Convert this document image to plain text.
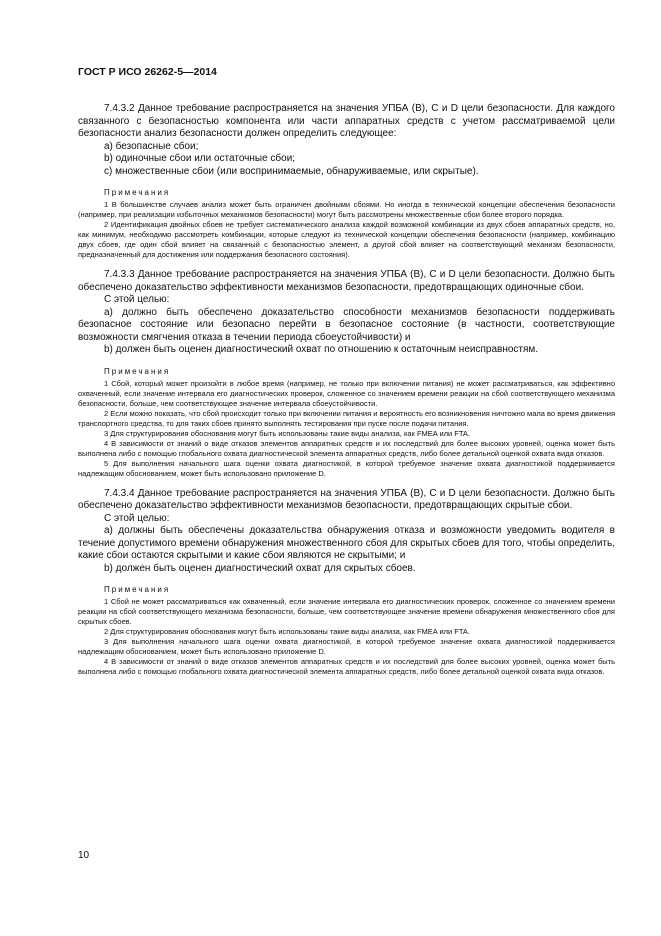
ГОСТ Р ИСО 26262-5—2014

7.4.3.2 Данное требование распространяется на значения УПБА (В), С и D цели безопасности. Для каждого связанного с безопасностью компонента или части аппаратных средств с учетом рассматриваемой цели безопасности анализ безопасности должен определить следующее:

a) безопасные сбои;

b) одиночные сбои или остаточные сбои;

c) множественные сбои (или воспринимаемые, обнаруживаемые, или скрытые).

Примечания

1 В большинстве случаев анализ может быть ограничен двойными сбоями. Но иногда в технической концепции обеспечения безопасности (например, при реализации избыточных механизмов безопасности) могут быть рассмотрены множественные сбои более второго порядка.

2 Идентификация двойных сбоев не требует систематического анализа каждой возможной комбинации из двух сбоев аппаратных средств, но, как минимум, необходимо рассмотреть комбинации, которые следуют из технической концепции обеспечения безопасности (например, комбинацию двух сбоев, где один сбой влияет на связанный с безопасностью элемент, а другой сбой влияет на соответствующий механизм безопасности, предназначенный для достижения или поддержания безопасного состояния).

7.4.3.3 Данное требование распространяется на значения УПБА (В), С и D цели безопасности. Должно быть обеспечено доказательство эффективности механизмов безопасности, предотвращающих одиночные сбои.

С этой целью:

a) должно быть обеспечено доказательство способности механизмов безопасности поддерживать безопасное состояние или безопасно перейти в безопасное состояние (в частности, соответствующие возможности смягчения отказа в течении периода сбоеустойчивости) и

b) должен быть оценен диагностический охват по отношению к остаточным неисправностям.

Примечания

1 Сбой, который может произойти в любое время (например, не только при включении питания) не может рассматриваться, как эффективно охваченный, если значение интервала его диагностических проверок, сложенное со значением времени реакции на сбой соответствующего механизма безопасности, больше, чем соответствующее значение интервала сбоеустойчивости.

2 Если можно показать, что сбой происходит только при включении питания и вероятность его возникновения ничтожно мала во время движения транспортного средства, то для таких сбоев принято выполнять тестирования при пуске после подачи питания.

3 Для структурирования обоснования могут быть использованы такие виды анализа, как FMEA или FTA.

4 В зависимости от знаний о виде отказов элементов аппаратных средств и их последствий для более высоких уровней, оценка может быть выполнена либо с помощью глобального охвата диагностической элемента аппаратных средств, либо более детальной оценкой охвата вида отказов.

5 Для выполнения начального шага оценки охвата диагностикой, в которой требуемое значение охвата диагностикой поддерживается надлежащим обоснованием, может быть использовано приложение D.

7.4.3.4 Данное требование распространяется на значения УПБА (В), С и D цели безопасности. Должно быть обеспечено доказательство эффективности механизмов безопасности, предотвращающих скрытые сбои.

С этой целью:

a) должны быть обеспечены доказательства обнаружения отказа и возможности уведомить водителя в течение допустимого времени обнаружения множественного сбоя для скрытых сбоев для того, чтобы определить, какие сбои остаются скрытыми и какие сбои являются не скрытыми; и

b) должен быть оценен диагностический охват для скрытых сбоев.

Примечания

1 Сбой не может рассматриваться как охваченный, если значение интервала его диагностических проверок, сложенное со значением времени реакции на сбой соответствующего механизма безопасности, больше, чем соответствующее значение времени обнаружения множественного сбоя для скрытых сбоев.

2 Для структурирования обоснования могут быть использованы такие виды анализа, как FMEA или FTA.

3 Для выполнения начального шага оценки охвата диагностикой, в которой требуемое значение охвата диагностикой поддерживается надлежащим обоснованием, может быть использовано приложение D.

4 В зависимости от знаний о виде отказов элементов аппаратных средств и их последствий для более высоких уровней, оценка может быть выполнена либо с помощью глобального охвата диагностической элемента аппаратных средств, либо более детальной оценкой охвата вида отказов.

10
